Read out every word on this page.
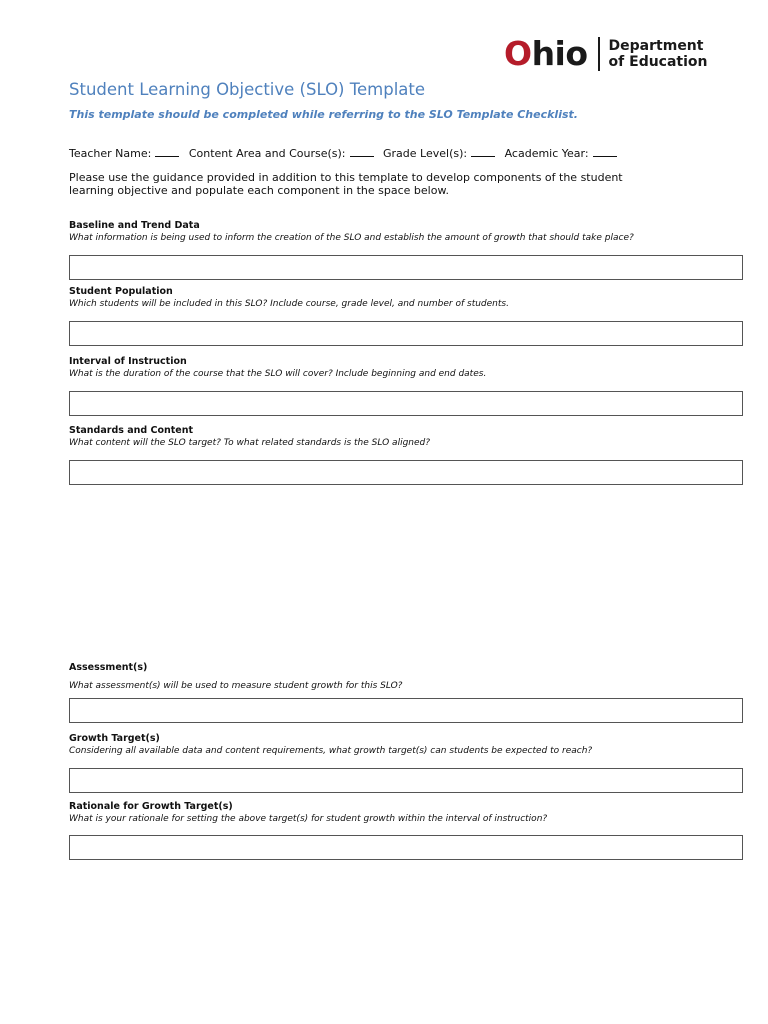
Ohio Department
of Education
Student Learning Objective (SLO) Template
This template should be completed while referring to the SLO Template Checklist.
Teacher Name:	Content Area and Course(s):	Grade Level(s):	Academic Year:
Please use the guidance provided in addition to this template to develop components of the student learning objective and populate each component in the space below.
Baseline and Trend Data
What information is being used to inform the creation of the SLO and establish the amount of growth that should take place?
Student Population
Which students will be included in this SLO? Include course, grade level, and number of students.
Interval of Instruction
What is the duration of the course that the SLO will cover? Include beginning and end dates.
Standards and Content
What content will the SLO target? To what related standards is the SLO aligned?
Assessment(s)
What assessment(s) will be used to measure student growth for this SLO?
Growth Target(s)
Considering all available data and content requirements, what growth target(s) can students be expected to reach?
Rationale for Growth Target(s)
What is your rationale for setting the above target(s) for student growth within the interval of instruction?
